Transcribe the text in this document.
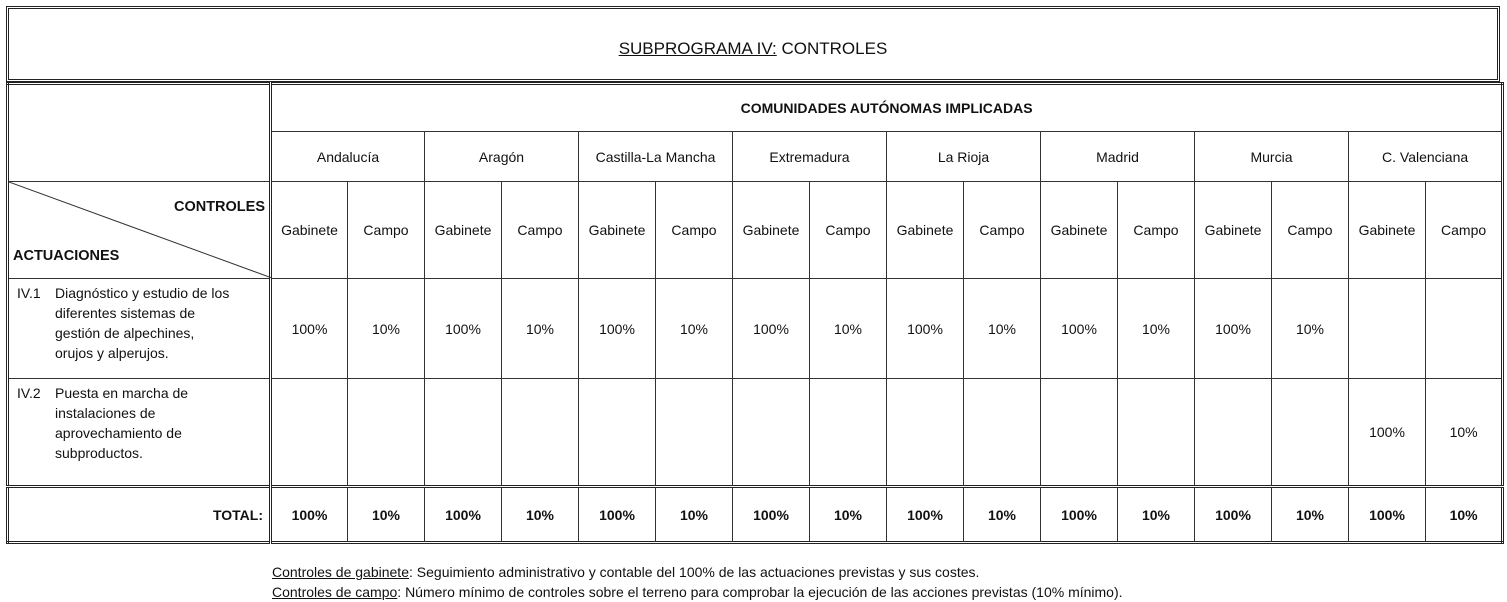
SUBPROGRAMA IV: CONTROLES
	COMUNIDADES AUTÓNOMAS IMPLICADAS															
	Andalucía		Aragón		Castilla-La Mancha		Extremadura		La Rioja		Madrid		Murcia		C. Valenciana	

CONTROLES
ACTUACIONES	Gabinete	Campo	Gabinete	Campo	Gabinete	Campo	Gabinete	Campo	Gabinete	Campo	Gabinete	Campo	Gabinete	Campo	Gabinete	Campo

IV.1 Diagnóstico y estudio de los
diferentes sistemas de
gestión de alpechines,
orujos y alperujos.	100%	10%	100%	10%	100%	10%	100%	10%	100%	10%	100%	10%	100%	10%		

IV.2 Puesta en marcha de
instalaciones de
aprovechamiento de
subproductos.															100%	10%
TOTAL:	100%	10%	100%	10%	100%	10%	100%	10%	100%	10%	100%	10%	100%	10%	100%	10%
Controles de gabinete: Seguimiento administrativo y contable del 100% de las actuaciones previstas y sus costes.
Controles de campo: Número mínimo de controles sobre el terreno para comprobar la ejecución de las acciones previstas (10% mínimo).
